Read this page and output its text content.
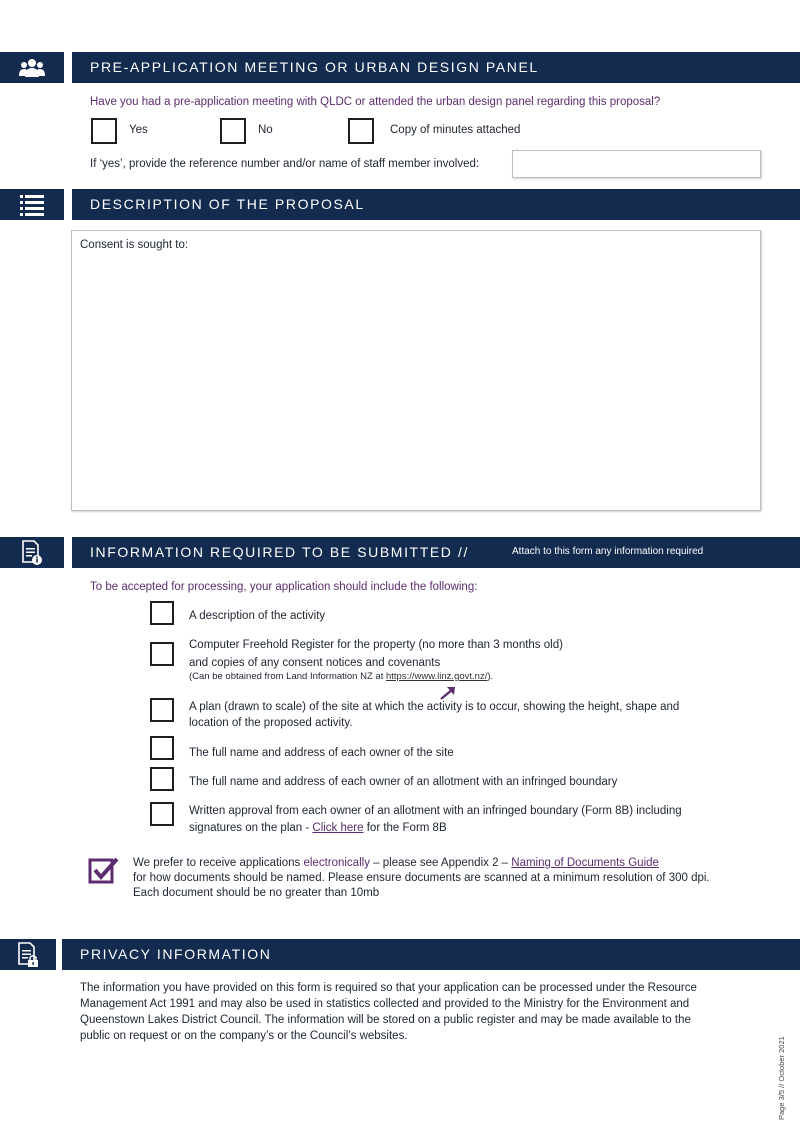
PRE-APPLICATION MEETING OR URBAN DESIGN PANEL
Have you had a pre-application meeting with QLDC or attended the urban design panel regarding this proposal?
Yes	No	Copy of minutes attached
If ‘yes’, provide the reference number and/or name of staff member involved:
DESCRIPTION OF THE PROPOSAL
Consent is sought to:
INFORMATION REQUIRED TO BE SUBMITTED //	Attach to this form any information required
To be accepted for processing, your application should include the following:
A description of the activity
Computer Freehold Register for the property (no more than 3 months old)
and copies of any consent notices and covenants
(Can be obtained from Land Information NZ at https://www.linz.govt.nz/).
A plan (drawn to scale) of the site at which the activity is to occur, showing the height, shape and
location of the proposed activity.
The full name and address of each owner of the site
The full name and address of each owner of an allotment with an infringed boundary
Written approval from each owner of an allotment with an infringed boundary (Form 8B) including
signatures on the plan - Click here for the Form 8B
We prefer to receive applications electronically – please see Appendix 2 – Naming of Documents Guide
for how documents should be named. Please ensure documents are scanned at a minimum resolution of 300 dpi.
Each document should be no greater than 10mb
PRIVACY INFORMATION
The information you have provided on this form is required so that your application can be processed under the Resource
Management Act 1991 and may also be used in statistics collected and provided to the Ministry for the Environment and
Queenstown Lakes District Council. The information will be stored on a public register and may be made available to the
public on request or on the company’s or the Council’s websites.
Page 3/5 // October 2021
